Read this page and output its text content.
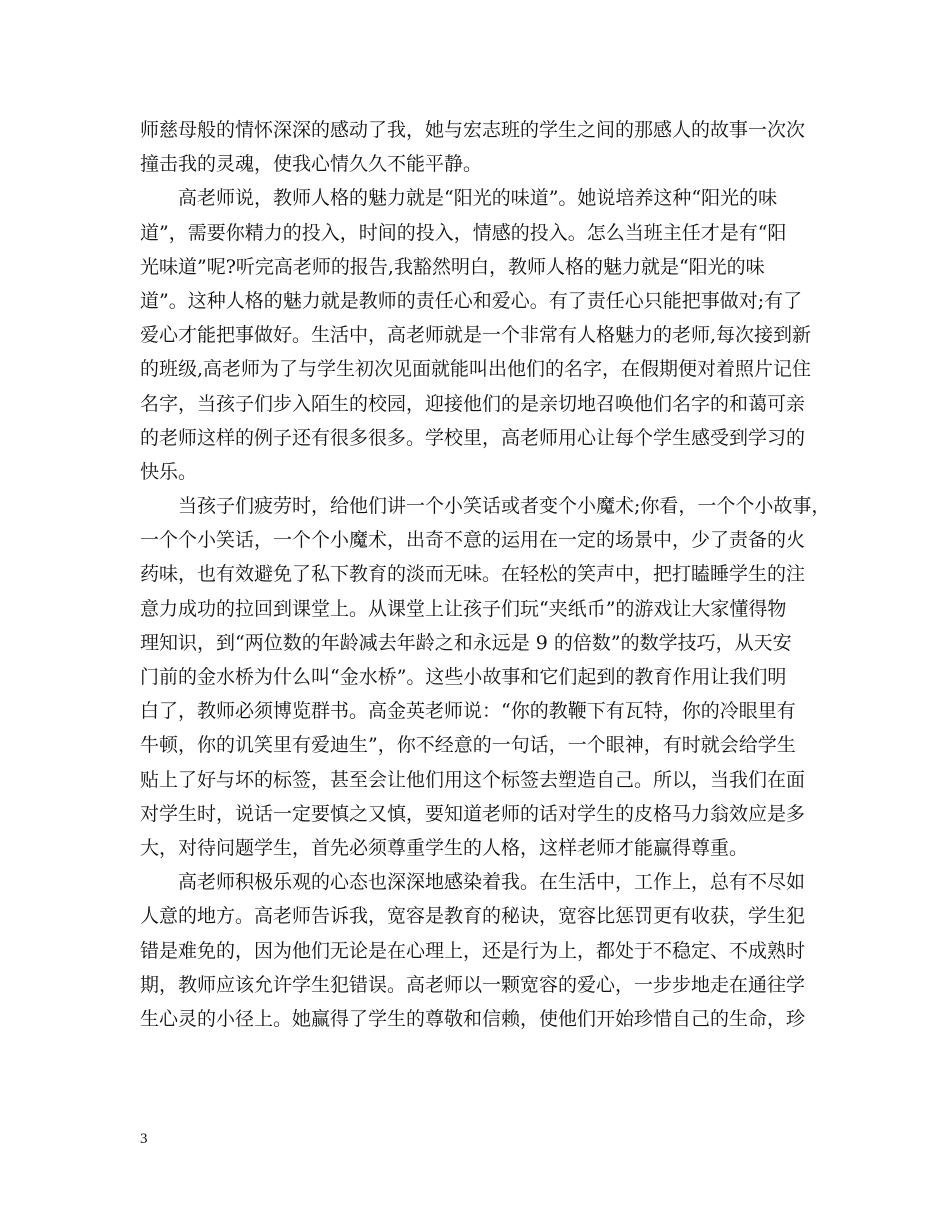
师慈母般的情怀深深的感动了我，她与宏志班的学生之间的那感人的故事一次次
撞击我的灵魂，使我心情久久不能平静。
高老师说，教师人格的魅力就是“阳光的味道”。她说培养这种“阳光的味
道”，需要你精力的投入，时间的投入，情感的投入。怎么当班主任才是有“阳
光味道”呢?听完高老师的报告,我豁然明白，教师人格的魅力就是“阳光的味
道”。这种人格的魅力就是教师的责任心和爱心。有了责任心只能把事做对;有了
爱心才能把事做好。生活中，高老师就是一个非常有人格魅力的老师,每次接到新
的班级,高老师为了与学生初次见面就能叫出他们的名字，在假期便对着照片记住
名字，当孩子们步入陌生的校园，迎接他们的是亲切地召唤他们名字的和蔼可亲
的老师这样的例子还有很多很多。学校里，高老师用心让每个学生感受到学习的
快乐。
当孩子们疲劳时，给他们讲一个小笑话或者变个小魔术;你看，一个个小故事，
一个个小笑话，一个个小魔术，出奇不意的运用在一定的场景中，少了责备的火
药味，也有效避免了私下教育的淡而无味。在轻松的笑声中，把打瞌睡学生的注
意力成功的拉回到课堂上。从课堂上让孩子们玩“夹纸币”的游戏让大家懂得物
理知识，到“两位数的年龄减去年龄之和永远是 9 的倍数”的数学技巧，从天安
门前的金水桥为什么叫“金水桥”。这些小故事和它们起到的教育作用让我们明
白了，教师必须博览群书。高金英老师说：“你的教鞭下有瓦特，你的冷眼里有
牛顿，你的讥笑里有爱迪生”，你不经意的一句话，一个眼神，有时就会给学生
贴上了好与坏的标签，甚至会让他们用这个标签去塑造自己。所以，当我们在面
对学生时，说话一定要慎之又慎，要知道老师的话对学生的皮格马力翁效应是多
大，对待问题学生，首先必须尊重学生的人格，这样老师才能赢得尊重。
高老师积极乐观的心态也深深地感染着我。在生活中，工作上，总有不尽如
人意的地方。高老师告诉我，宽容是教育的秘诀，宽容比惩罚更有收获，学生犯
错是难免的，因为他们无论是在心理上，还是行为上，都处于不稳定、不成熟时
期，教师应该允许学生犯错误。高老师以一颗宽容的爱心，一步步地走在通往学
生心灵的小径上。她赢得了学生的尊敬和信赖，使他们开始珍惜自己的生命，珍
3
